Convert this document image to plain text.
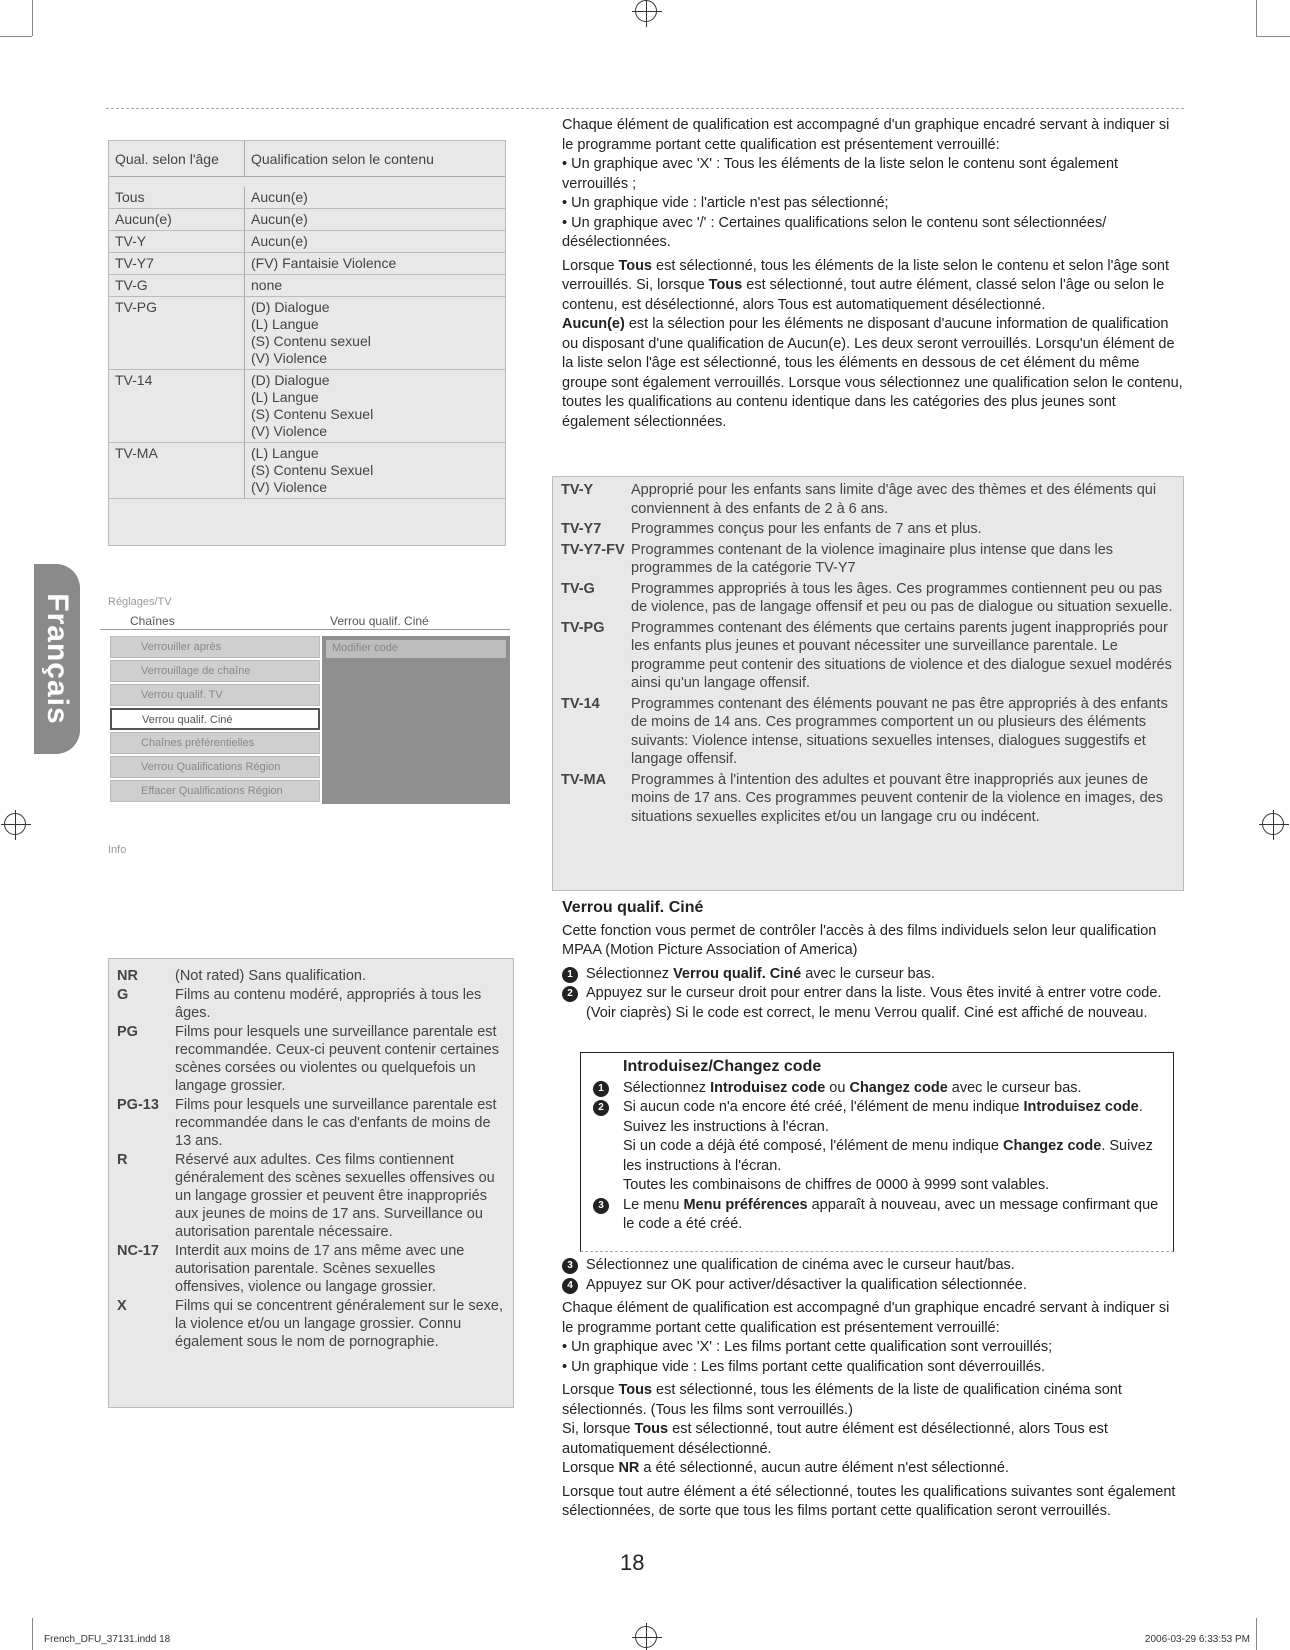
Français
Qual. selon l'âge	Qualification selon le contenu
Tous	Aucun(e)
Aucun(e)	Aucun(e)
TV-Y	Aucun(e)
TV-Y7	(FV) Fantaisie Violence
TV-G	none
TV-PG	(D) Dialogue
(L) Langue
(S) Contenu sexuel
(V) Violence
TV-14	(D) Dialogue
(L) Langue
(S) Contenu Sexuel
(V) Violence
TV-MA	(L) Langue
(S) Contenu Sexuel
(V) Violence
Réglages/TV
Chaînes	Verrou qualif. Ciné
Verrouiller après
Verrouillage de chaîne
Verrou qualif. TV
Verrou qualif. Ciné
Chaînes préférentielles
Verrou Qualifications Région
Effacer Qualifications Région
Modifier code
Info
NR	(Not rated) Sans qualification.
G	Films au contenu modéré, appropriés à tous les âges.
PG	Films pour lesquels une surveillance parentale est recommandée. Ceux-ci peuvent contenir certaines scènes corsées ou violentes ou quelquefois un langage grossier.
PG-13	Films pour lesquels une surveillance parentale est recommandée dans le cas d'enfants de moins de 13 ans.
R	Réservé aux adultes. Ces films contiennent généralement des scènes sexuelles offensives ou un langage grossier et peuvent être inappropriés aux jeunes de moins de 17 ans. Surveillance ou autorisation parentale nécessaire.
NC-17	Interdit aux moins de 17 ans même avec une autorisation parentale. Scènes sexuelles offensives, violence ou langage grossier.
X	Films qui se concentrent généralement sur le sexe, la violence et/ou un langage grossier. Connu également sous le nom de pornographie.

Chaque élément de qualification est accompagné d'un graphique encadré servant à indiquer si le programme portant cette qualification est présentement verrouillé:

• Un graphique avec 'X' : Tous les éléments de la liste selon le contenu sont également verrouillés ;

• Un graphique vide : l'article n'est pas sélectionné;

• Un graphique avec '/' : Certaines qualifications selon le contenu sont sélectionnées/ désélectionnées.

Lorsque Tous est sélectionné, tous les éléments de la liste selon le contenu et selon l'âge sont verrouillés. Si, lorsque Tous est sélectionné, tout autre élément, classé selon l'âge ou selon le contenu, est désélectionné, alors Tous est automatiquement désélectionné.

Aucun(e) est la sélection pour les éléments ne disposant d'aucune information de qualification ou disposant d'une qualification de Aucun(e). Les deux seront verrouillés. Lorsqu'un élément de la liste selon l'âge est sélectionné, tous les éléments en dessous de cet élément du même groupe sont également verrouillés. Lorsque vous sélectionnez une qualification selon le contenu, toutes les qualifications au contenu identique dans les catégories des plus jeunes sont également sélectionnées.

TV-Y	Approprié pour les enfants sans limite d'âge avec des thèmes et des éléments qui conviennent à des enfants de 2 à 6 ans.
TV-Y7	Programmes conçus pour les enfants de 7 ans et plus.
TV-Y7-FV Programmes contenant de la violence imaginaire plus intense que dans les programmes de la catégorie TV-Y7
TV-G	Programmes appropriés à tous les âges. Ces programmes contiennent peu ou pas de violence, pas de langage offensif et peu ou pas de dialogue ou situation sexuelle.
TV-PG	Programmes contenant des éléments que certains parents jugent inappropriés pour les enfants plus jeunes et pouvant nécessiter une surveillance parentale. Le programme peut contenir des situations de violence et des dialogue sexuel modérés ainsi qu'un langage offensif.
TV-14	Programmes contenant des éléments pouvant ne pas être appropriés à des enfants de moins de 14 ans. Ces programmes comportent un ou plusieurs des éléments suivants: Violence intense, situations sexuelles intenses, dialogues suggestifs et langage offensif.
TV-MA	Programmes à l'intention des adultes et pouvant être inappropriés aux jeunes de moins de 17 ans. Ces programmes peuvent contenir de la violence en images, des situations sexuelles explicites et/ou un langage cru ou indécent.

Verrou qualif. Ciné

Cette fonction vous permet de contrôler l'accès à des films individuels selon leur qualification MPAA (Motion Picture Association of America)

1 Sélectionnez Verrou qualif. Ciné avec le curseur bas.
2 Appuyez sur le curseur droit pour entrer dans la liste. Vous êtes invité à entrer votre code. (Voir ciaprès) Si le code est correct, le menu Verrou qualif. Ciné est affiché de nouveau.

Introduisez/Changez code

1	Sélectionnez Introduisez code ou Changez code avec le curseur bas.
2	Si aucun code n'a encore été créé, l'élément de menu indique Introduisez code. Suivez les instructions à l'écran.
Si un code a déjà été composé, l'élément de menu indique Changez code. Suivez les instructions à l'écran.
Toutes les combinaisons de chiffres de 0000 à 9999 sont valables.
3	Le menu Menu préférences apparaît à nouveau, avec un message confirmant que le code a été créé.
3 Sélectionnez une qualification de cinéma avec le curseur haut/bas.
4 Appuyez sur OK pour activer/désactiver la qualification sélectionnée.

Chaque élément de qualification est accompagné d'un graphique encadré servant à indiquer si le programme portant cette qualification est présentement verrouillé:

• Un graphique avec 'X' : Les films portant cette qualification sont verrouillés;

• Un graphique vide : Les films portant cette qualification sont déverrouillés.

Lorsque Tous est sélectionné, tous les éléments de la liste de qualification cinéma sont sélectionnés. (Tous les films sont verrouillés.)

Si, lorsque Tous est sélectionné, tout autre élément est désélectionné, alors Tous est automatiquement désélectionné.

Lorsque NR a été sélectionné, aucun autre élément n'est sélectionné.

Lorsque tout autre élément a été sélectionné, toutes les qualifications suivantes sont également sélectionnées, de sorte que tous les films portant cette qualification seront verrouillés.

18
French_DFU_37131.indd 18	2006-03-29 6:33:53 PM
